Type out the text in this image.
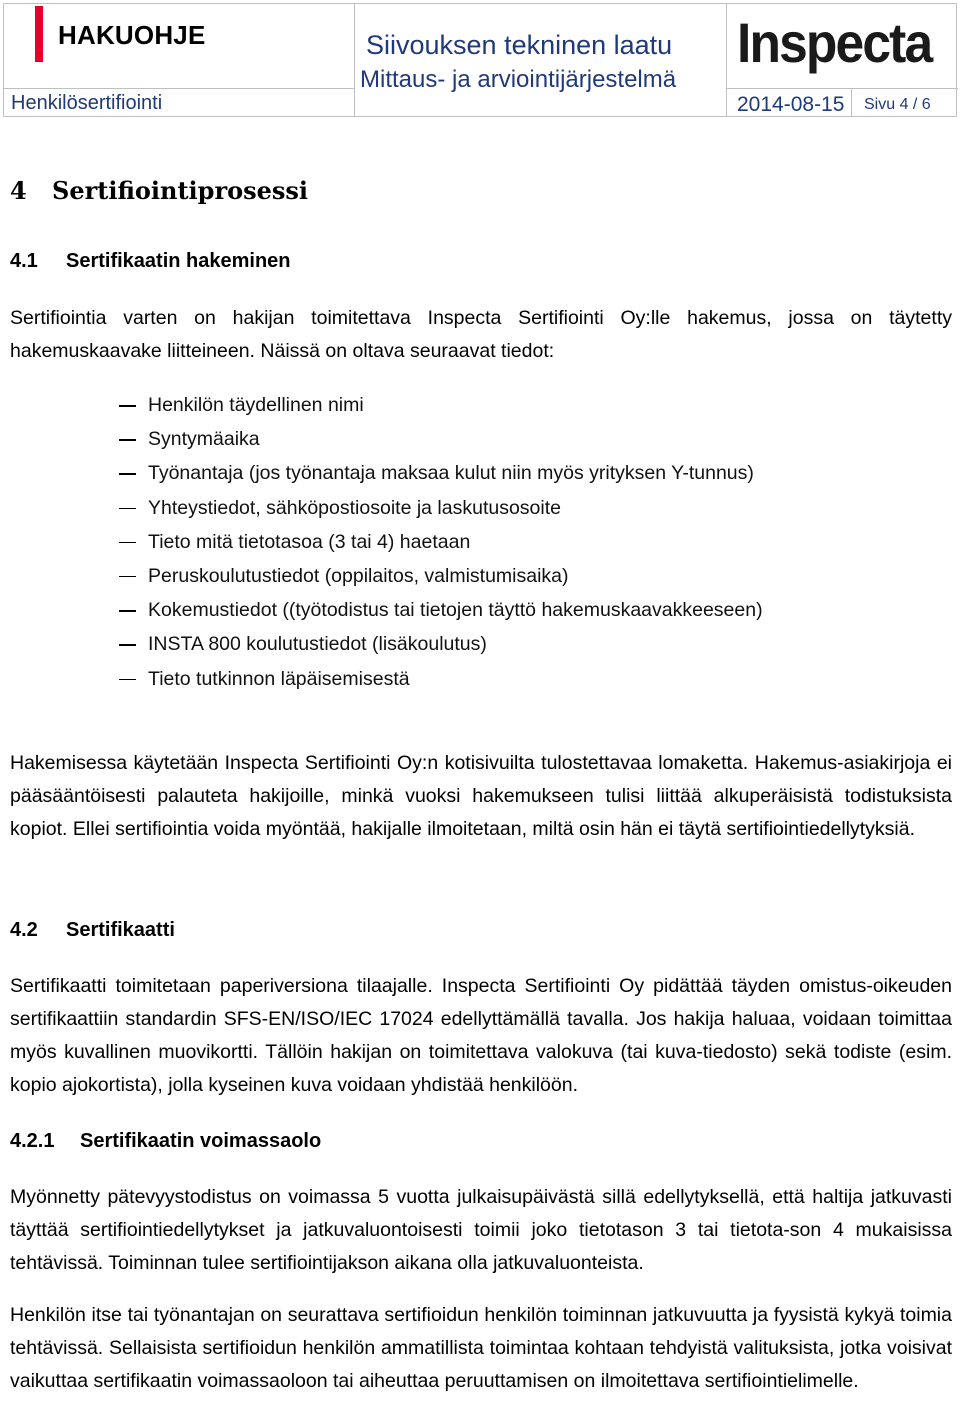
HAKUOHJE
Henkilösertifiointi
Siivouksen tekninen laatu
Mittaus- ja arviointijärjestelmä
Inspecta
2014-08-15 Sivu 4 / 6
4 Sertifiointiprosessi
4.1 Sertifikaatin hakeminen
Sertifiointia varten on hakijan toimitettava Inspecta Sertifiointi Oy:lle hakemus, jossa on täytetty hakemuskaavake liitteineen. Näissä on oltava seuraavat tiedot:
Henkilön täydellinen nimi
Syntymäaika
Työnantaja (jos työnantaja maksaa kulut niin myös yrityksen Y-tunnus)
Yhteystiedot, sähköpostiosoite ja laskutusosoite
Tieto mitä tietotasoa (3 tai 4) haetaan
Peruskoulutustiedot (oppilaitos, valmistumisaika)
Kokemustiedot ((työtodistus tai tietojen täyttö hakemuskaavakkeeseen)
INSTA 800 koulutustiedot (lisäkoulutus)
Tieto tutkinnon läpäisemisestä
Hakemisessa käytetään Inspecta Sertifiointi Oy:n kotisivuilta tulostettavaa lomaketta. Hakemus-asiakirjoja ei pääsääntöisesti palauteta hakijoille, minkä vuoksi hakemukseen tulisi liittää alkuperäisistä todistuksista kopiot. Ellei sertifiointia voida myöntää, hakijalle ilmoitetaan, miltä osin hän ei täytä sertifiointiedellytyksiä.
4.2 Sertifikaatti
Sertifikaatti toimitetaan paperiversiona tilaajalle. Inspecta Sertifiointi Oy pidättää täyden omistus-oikeuden sertifikaattiin standardin SFS-EN/ISO/IEC 17024 edellyttämällä tavalla. Jos hakija haluaa, voidaan toimittaa myös kuvallinen muovikortti. Tällöin hakijan on toimitettava valokuva (tai kuva-tiedosto) sekä todiste (esim. kopio ajokortista), jolla kyseinen kuva voidaan yhdistää henkilöön.
4.2.1 Sertifikaatin voimassaolo
Myönnetty pätevyystodistus on voimassa 5 vuotta julkaisupäivästä sillä edellytyksellä, että haltija jatkuvasti täyttää sertifiointiedellytykset ja jatkuvaluontoisesti toimii joko tietotason 3 tai tietota-son 4 mukaisissa tehtävissä. Toiminnan tulee sertifiointijakson aikana olla jatkuvaluonteista.
Henkilön itse tai työnantajan on seurattava sertifioidun henkilön toiminnan jatkuvuutta ja fyysistä kykyä toimia tehtävissä. Sellaisista sertifioidun henkilön ammatillista toimintaa kohtaan tehdyistä valituksista, jotka voisivat vaikuttaa sertifikaatin voimassaoloon tai aiheuttaa peruuttamisen on ilmoitettava sertifiointielimelle.
